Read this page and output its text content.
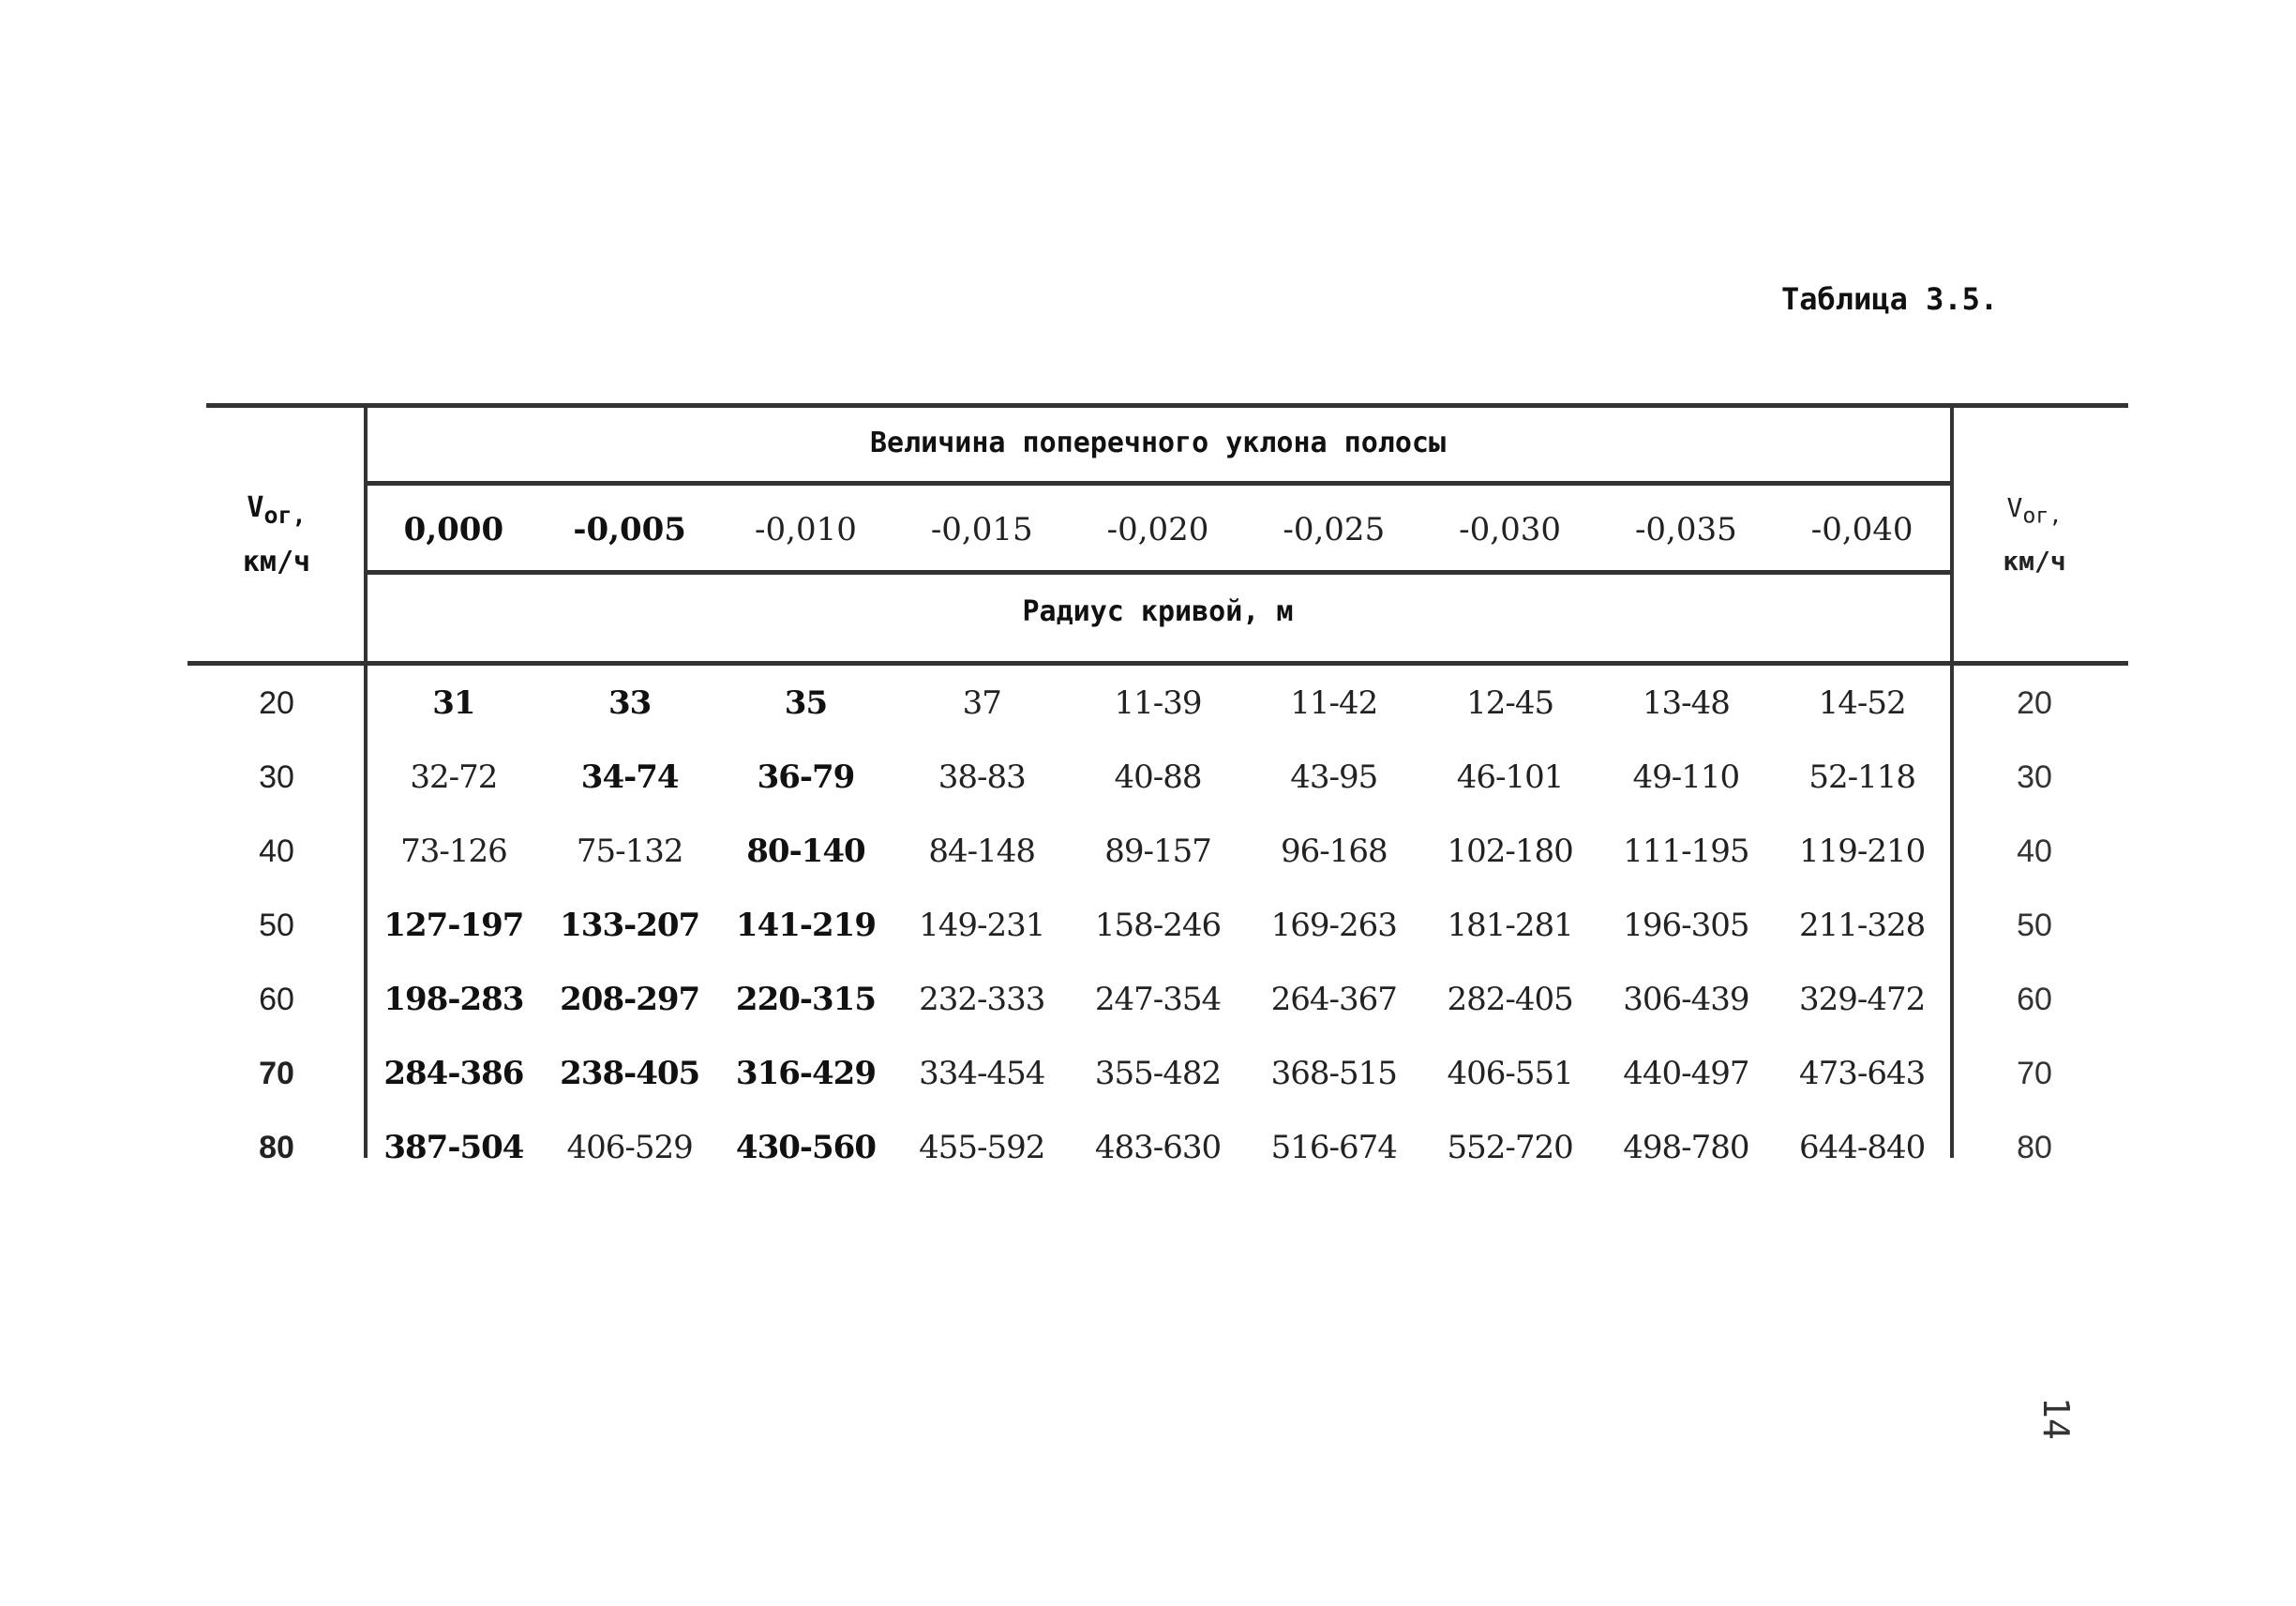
Таблица 3.5.
$V_{ог,}$
км/ч
Величина поперечного уклона полосы
0,000	-0,005	-0,010	-0,015	-0,020	-0,025	-0,030	-0,035	-0,040
Радиус кривой, м
$V_{ог,}$
км/ч
20	31	33	35	37	11-39	11-42	12-45	13-48	14-52	20
30	32-72	34-74	36-79	38-83	40-88	43-95	46-101	49-110	52-118	30
40	73-126	75-132	80-140	84-148	89-157	96-168	102-180	111-195	119-210	40
50	127-197	133-207	141-219	149-231	158-246	169-263	181-281	196-305	211-328	50
60	198-283	208-297	220-315	232-333	247-354	264-367	282-405	306-439	329-472	60
70	284-386	238-405	316-429	334-454	355-482	368-515	406-551	440-497	473-643	70
80	387-504	406-529	430-560	455-592	483-630	516-674	552-720	498-780	644-840	80
14
